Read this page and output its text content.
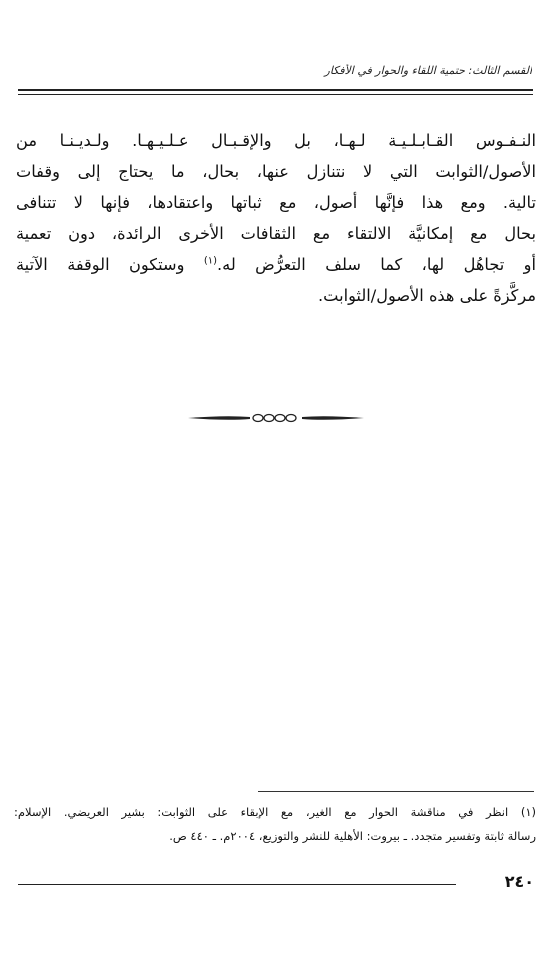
القسم الثالث: حتمية اللقاء والحوار في الأفكار
النـفـوس القـابـلـيـة لـهـا، بل والإقـبـال عـلـيـهـا. ولـديـنـا من
الأصول/الثوابت التي لا نتنازل عنها، بحال، ما يحتاج إلى وقفات
تالية. ومع هذا فإنَّها أصول، مع ثباتها واعتقادها، فإنها لا تتنافى
بحال مع إمكانيَّة الالتقاء مع الثقافات الأخرى الرائدة، دون تعمية
أو تجاهُل لها، كما سلف التعرُّض له.$^{(١)}$ وستكون الوقفة الآتية
مركَّزةً على هذه الأصول/الثوابت.
(١) انظر في مناقشة الحوار مع الغير، مع الإبقاء على الثوابت: بشير العريضي. الإسلام:
رسالة ثابتة وتفسير متجدد. ـ بيروت: الأهلية للنشر والتوزيع، ٢٠٠٤م. ـ ٤٤٠ ص.
٢٤٠
